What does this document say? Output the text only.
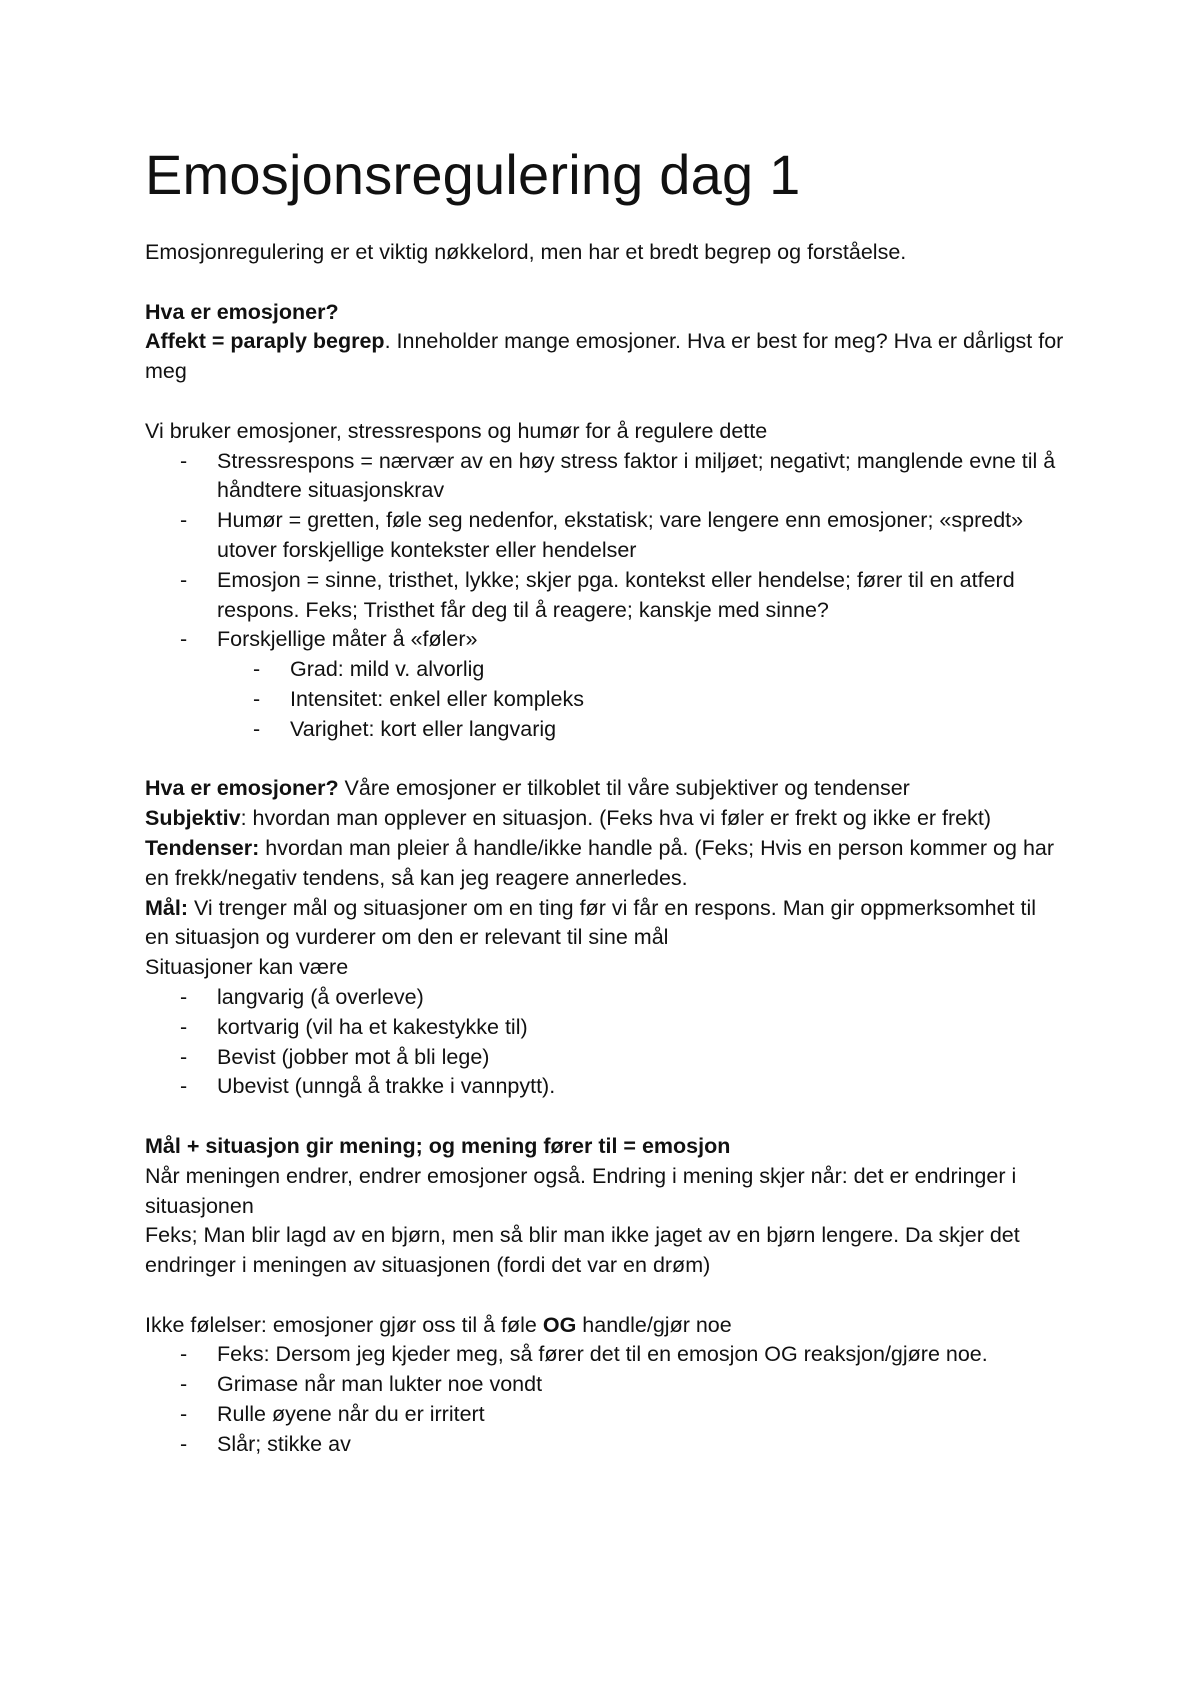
Emosjonsregulering dag 1

Emosjonregulering er et viktig nøkkelord, men har et bredt begrep og forståelse.

Hva er emosjoner?

Affekt = paraply begrep. Inneholder mange emosjoner. Hva er best for meg? Hva er dårligst for meg

Vi bruker emosjoner, stressrespons og humør for å regulere dette

- Stressrespons = nærvær av en høy stress faktor i miljøet; negativt; manglende evne til å håndtere situasjonskrav
- Humør = gretten, føle seg nedenfor, ekstatisk; vare lengere enn emosjoner; «spredt» utover forskjellige kontekster eller hendelser
- Emosjon = sinne, tristhet, lykke; skjer pga. kontekst eller hendelse; fører til en atferd respons. Feks; Tristhet får deg til å reagere; kanskje med sinne?
- Forskjellige måter å «føler»
- Grad: mild v. alvorlig
- Intensitet: enkel eller kompleks
- Varighet: kort eller langvarig

Hva er emosjoner? Våre emosjoner er tilkoblet til våre subjektiver og tendenser

Subjektiv: hvordan man opplever en situasjon. (Feks hva vi føler er frekt og ikke er frekt)

Tendenser: hvordan man pleier å handle/ikke handle på. (Feks; Hvis en person kommer og har en frekk/negativ tendens, så kan jeg reagere annerledes.

Mål: Vi trenger mål og situasjoner om en ting før vi får en respons. Man gir oppmerksomhet til en situasjon og vurderer om den er relevant til sine mål

Situasjoner kan være

- langvarig (å overleve)
- kortvarig (vil ha et kakestykke til)
- Bevist (jobber mot å bli lege)
- Ubevist (unngå å trakke i vannpytt).

Mål + situasjon gir mening; og mening fører til = emosjon

Når meningen endrer, endrer emosjoner også. Endring i mening skjer når: det er endringer i situasjonen

Feks; Man blir lagd av en bjørn, men så blir man ikke jaget av en bjørn lengere. Da skjer det endringer i meningen av situasjonen (fordi det var en drøm)

Ikke følelser: emosjoner gjør oss til å føle OG handle/gjør noe

- Feks: Dersom jeg kjeder meg, så fører det til en emosjon OG reaksjon/gjøre noe.
- Grimase når man lukter noe vondt
- Rulle øyene når du er irritert
- Slår; stikke av
